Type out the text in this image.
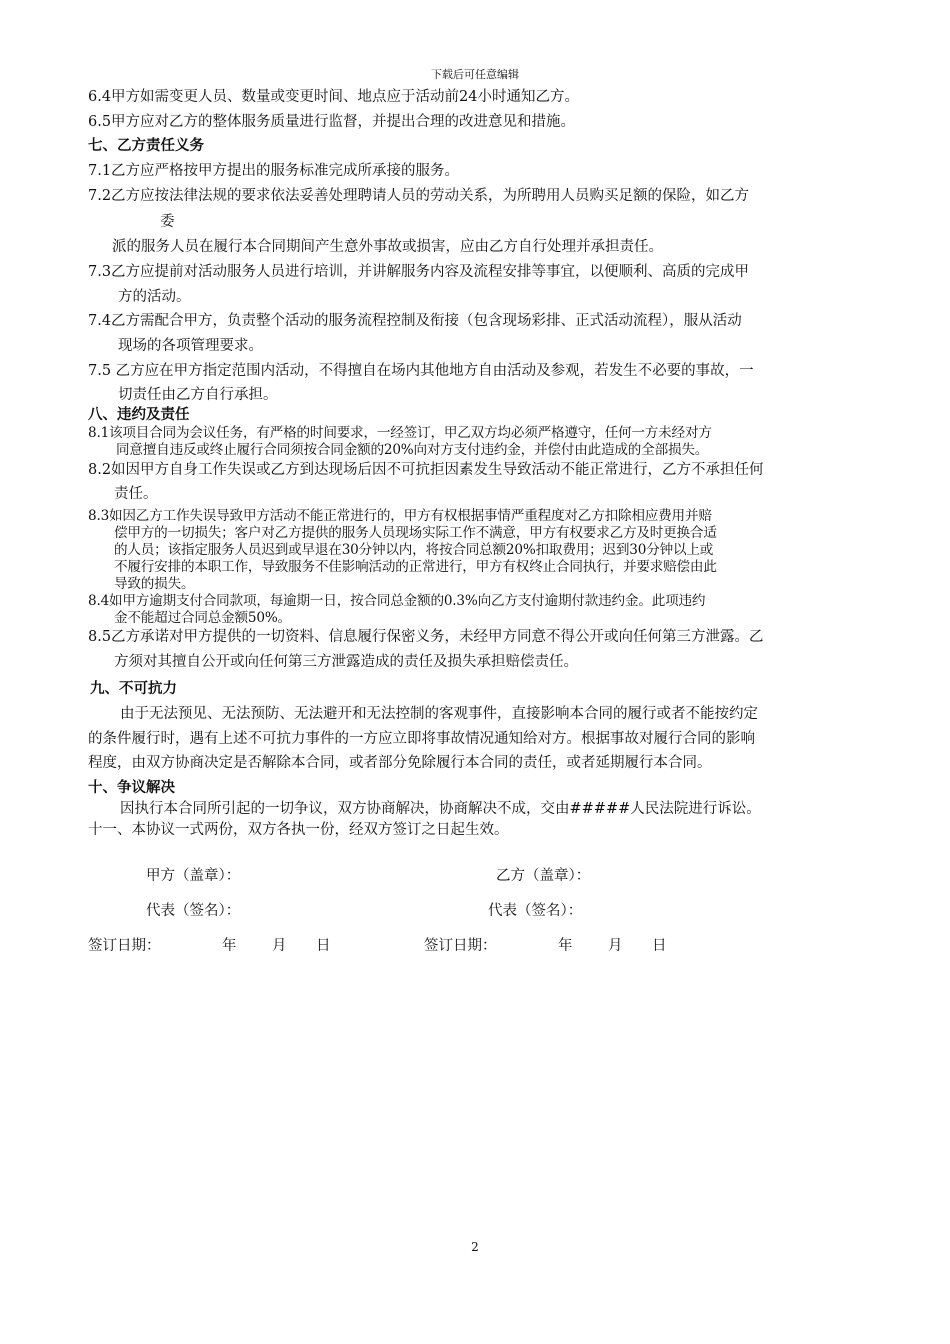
下载后可任意编辑
6.4甲方如需变更人员、数量或变更时间、地点应于活动前24小时通知乙方。
6.5甲方应对乙方的整体服务质量进行监督，并提出合理的改进意见和措施。
七、乙方责任义务
7.1乙方应严格按甲方提出的服务标准完成所承接的服务。
7.2乙方应按法律法规的要求依法妥善处理聘请人员的劳动关系，为所聘用人员购买足额的保险，如乙方
委
派的服务人员在履行本合同期间产生意外事故或损害，应由乙方自行处理并承担责任。
7.3乙方应提前对活动服务人员进行培训，并讲解服务内容及流程安排等事宜，以便顺利、高质的完成甲
方的活动。
7.4乙方需配合甲方，负责整个活动的服务流程控制及衔接（包含现场彩排、正式活动流程），服从活动
现场的各项管理要求。
7.5 乙方应在甲方指定范围内活动，不得擅自在场内其他地方自由活动及参观，若发生不必要的事故，一
切责任由乙方自行承担。
八、违约及责任
8.1该项目合同为会议任务，有严格的时间要求，一经签订，甲乙双方均必须严格遵守，任何一方未经对方
同意擅自违反或终止履行合同须按合同金额的20%向对方支付违约金，并偿付由此造成的全部损失。
8.2如因甲方自身工作失误或乙方到达现场后因不可抗拒因素发生导致活动不能正常进行，乙方不承担任何
责任。
8.3如因乙方工作失误导致甲方活动不能正常进行的，甲方有权根据事情严重程度对乙方扣除相应费用并赔
偿甲方的一切损失；客户对乙方提供的服务人员现场实际工作不满意，甲方有权要求乙方及时更换合适
的人员；该指定服务人员迟到或早退在30分钟以内，将按合同总额20%扣取费用；迟到30分钟以上或
不履行安排的本职工作，导致服务不佳影响活动的正常进行，甲方有权终止合同执行，并要求赔偿由此
导致的损失。
8.4如甲方逾期支付合同款项，每逾期一日，按合同总金额的0.3%向乙方支付逾期付款违约金。此项违约
金不能超过合同总金额50%。
8.5乙方承诺对甲方提供的一切资料、信息履行保密义务，未经甲方同意不得公开或向任何第三方泄露。乙
方须对其擅自公开或向任何第三方泄露造成的责任及损失承担赔偿责任。
九、不可抗力
由于无法预见、无法预防、无法避开和无法控制的客观事件，直接影响本合同的履行或者不能按约定
的条件履行时，遇有上述不可抗力事件的一方应立即将事故情况通知给对方。根据事故对履行合同的影响
程度，由双方协商决定是否解除本合同，或者部分免除履行本合同的责任，或者延期履行本合同。
十、争议解决
因执行本合同所引起的一切争议，双方协商解决，协商解决不成，交由#####人民法院进行诉讼。
十一、本协议一式两份，双方各执一份，经双方签订之日起生效。
甲方（盖章）：	乙方（盖章）：
代表（签名）：	代表（签名）：
签订日期：	年 月 日	签订日期：	年 月 日
2
